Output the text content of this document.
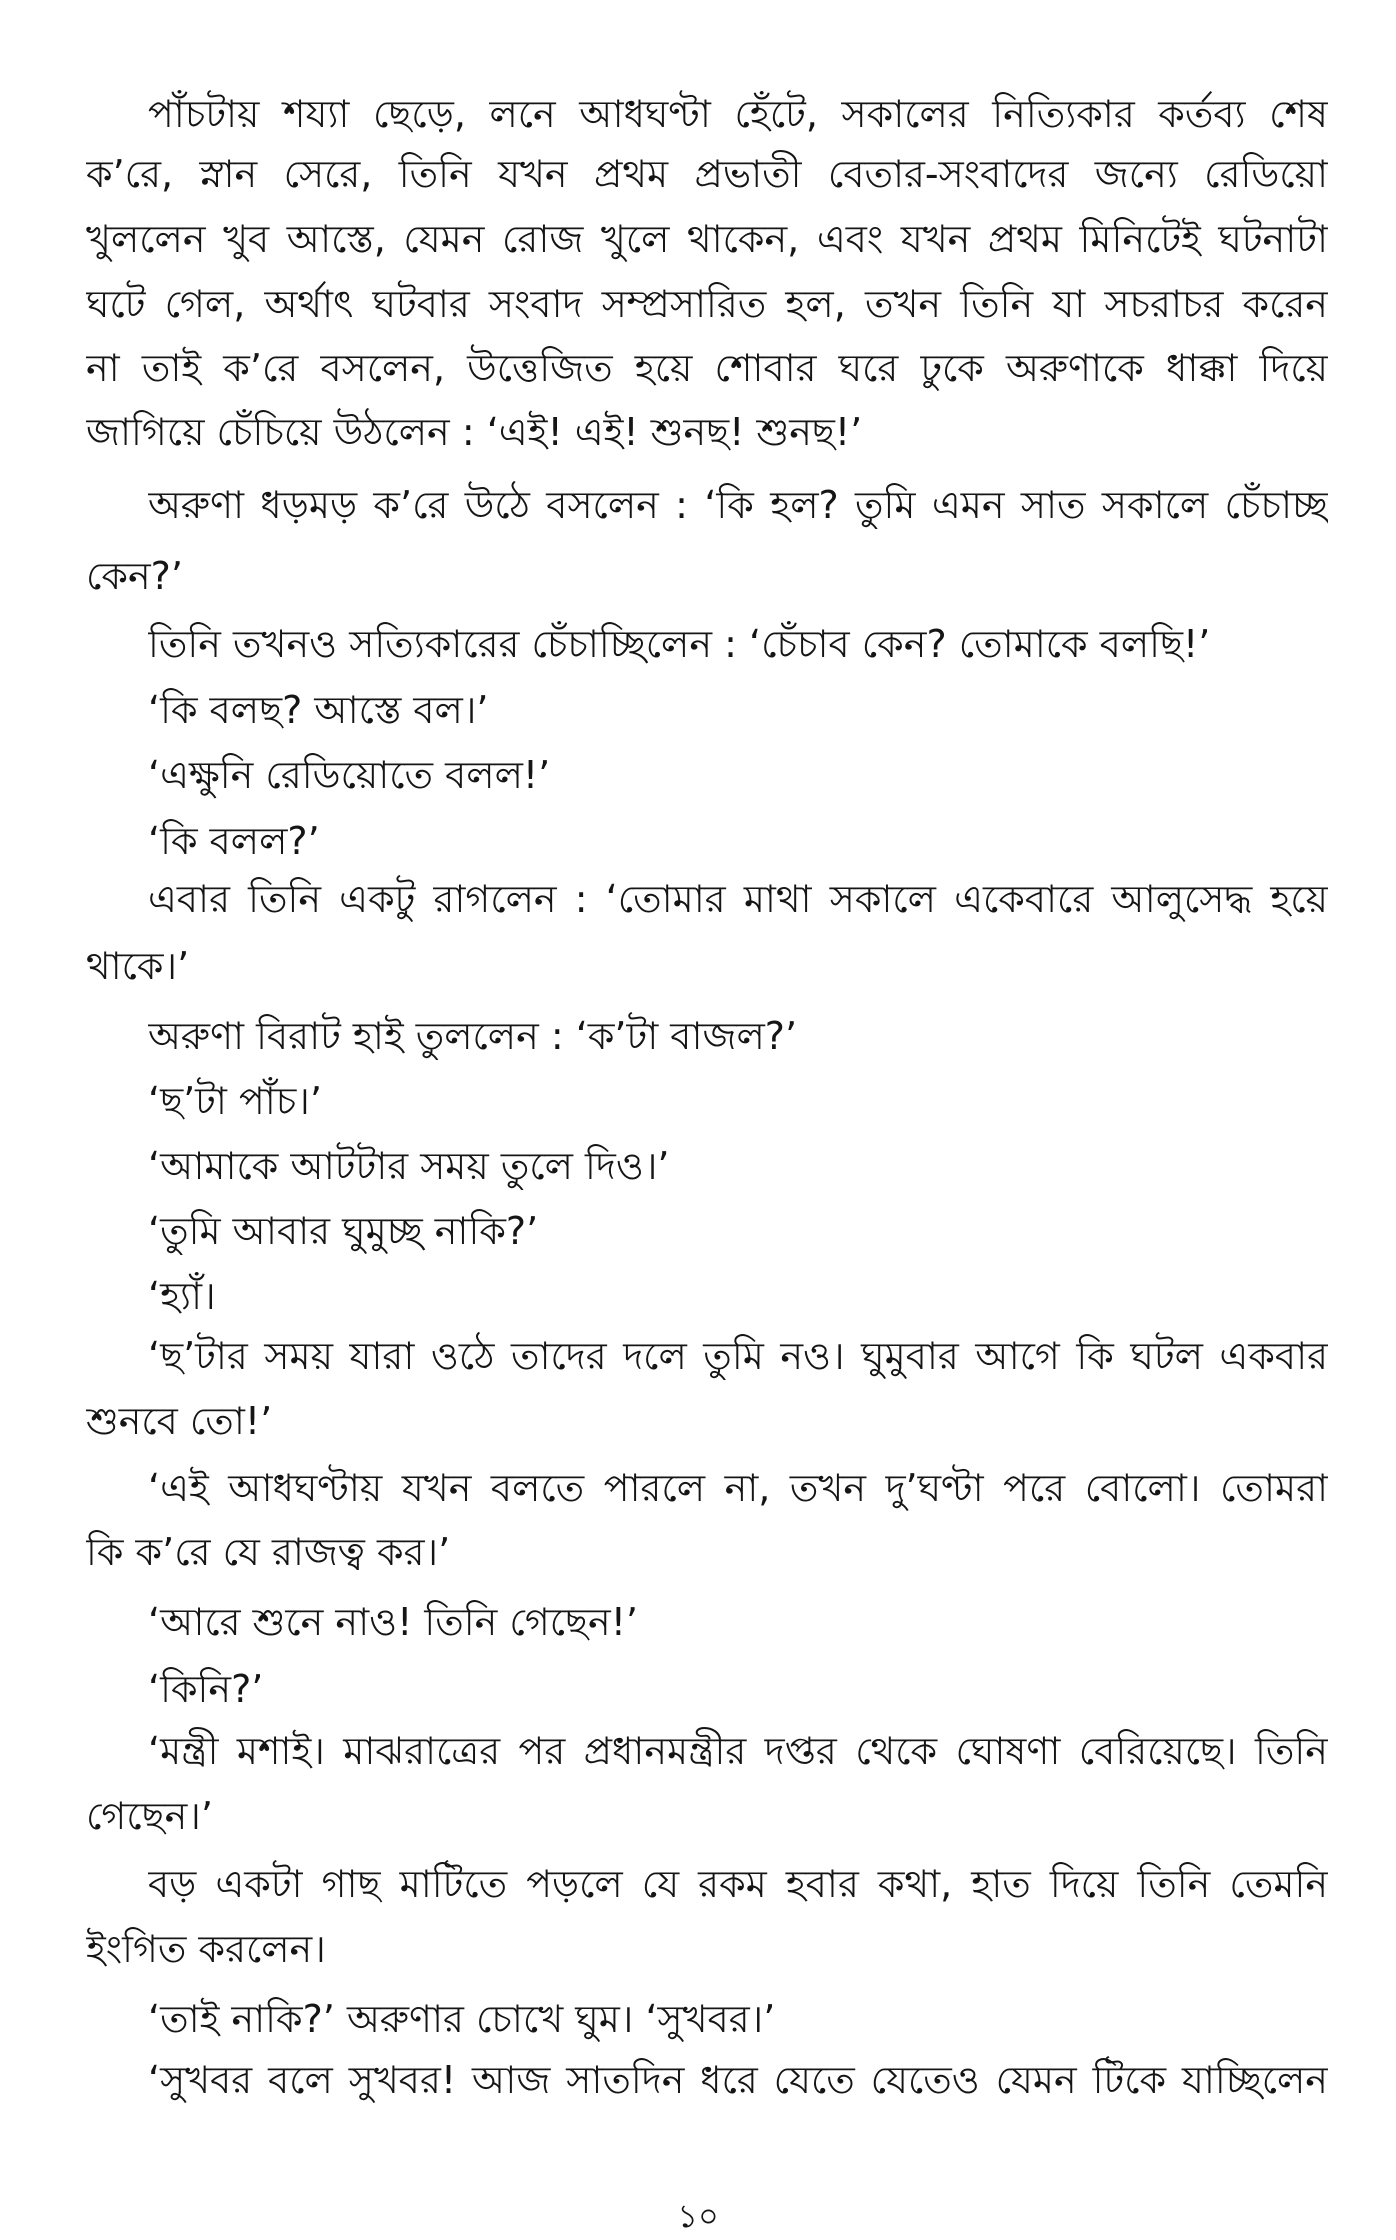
পাঁচটায় শয্যা ছেড়ে, লনে আধঘণ্টা হেঁটে, সকালের নিত্যিকার কর্তব্য শেষ
ক’রে, স্নান সেরে, তিনি যখন প্রথম প্রভাতী বেতার-সংবাদের জন্যে রেডিয়ো
খুললেন খুব আস্তে, যেমন রোজ খুলে থাকেন, এবং যখন প্রথম মিনিটেই ঘটনাটা
ঘটে গেল, অর্থাৎ ঘটবার সংবাদ সম্প্রসারিত হল, তখন তিনি যা সচরাচর করেন
না তাই ক’রে বসলেন, উত্তেজিত হয়ে শোবার ঘরে ঢুকে অরুণাকে ধাক্কা দিয়ে
জাগিয়ে চেঁচিয়ে উঠলেন : ‘এই! এই! শুনছ! শুনছ!’
অরুণা ধড়মড় ক’রে উঠে বসলেন : ‘কি হল? তুমি এমন সাত সকালে চেঁচাচ্ছ
কেন?’
তিনি তখনও সত্যিকারের চেঁচাচ্ছিলেন : ‘চেঁচাব কেন? তোমাকে বলছি!’
‘কি বলছ? আস্তে বল।’
‘এক্ষুনি রেডিয়োতে বলল!’
‘কি বলল?’
এবার তিনি একটু রাগলেন : ‘তোমার মাথা সকালে একেবারে আলুসেদ্ধ হয়ে
থাকে।’
অরুণা বিরাট হাই তুললেন : ‘ক’টা বাজল?’
‘ছ’টা পাঁচ।’
‘আমাকে আটটার সময় তুলে দিও।’
‘তুমি আবার ঘুমুচ্ছ নাকি?’
‘হ্যাঁ।
‘ছ’টার সময় যারা ওঠে তাদের দলে তুমি নও। ঘুমুবার আগে কি ঘটল একবার
শুনবে তো!’
‘এই আধঘণ্টায় যখন বলতে পারলে না, তখন দু’ঘণ্টা পরে বোলো। তোমরা
কি ক’রে যে রাজত্ব কর।’
‘আরে শুনে নাও! তিনি গেছেন!’
‘কিনি?’
‘মন্ত্রী মশাই। মাঝরাত্রের পর প্রধানমন্ত্রীর দপ্তর থেকে ঘোষণা বেরিয়েছে। তিনি
গেছেন।’
বড় একটা গাছ মাটিতে পড়লে যে রকম হবার কথা, হাত দিয়ে তিনি তেমনি
ইংগিত করলেন।
‘তাই নাকি?’ অরুণার চোখে ঘুম। ‘সুখবর।’
‘সুখবর বলে সুখবর! আজ সাতদিন ধরে যেতে যেতেও যেমন টিকে যাচ্ছিলেন
১০
